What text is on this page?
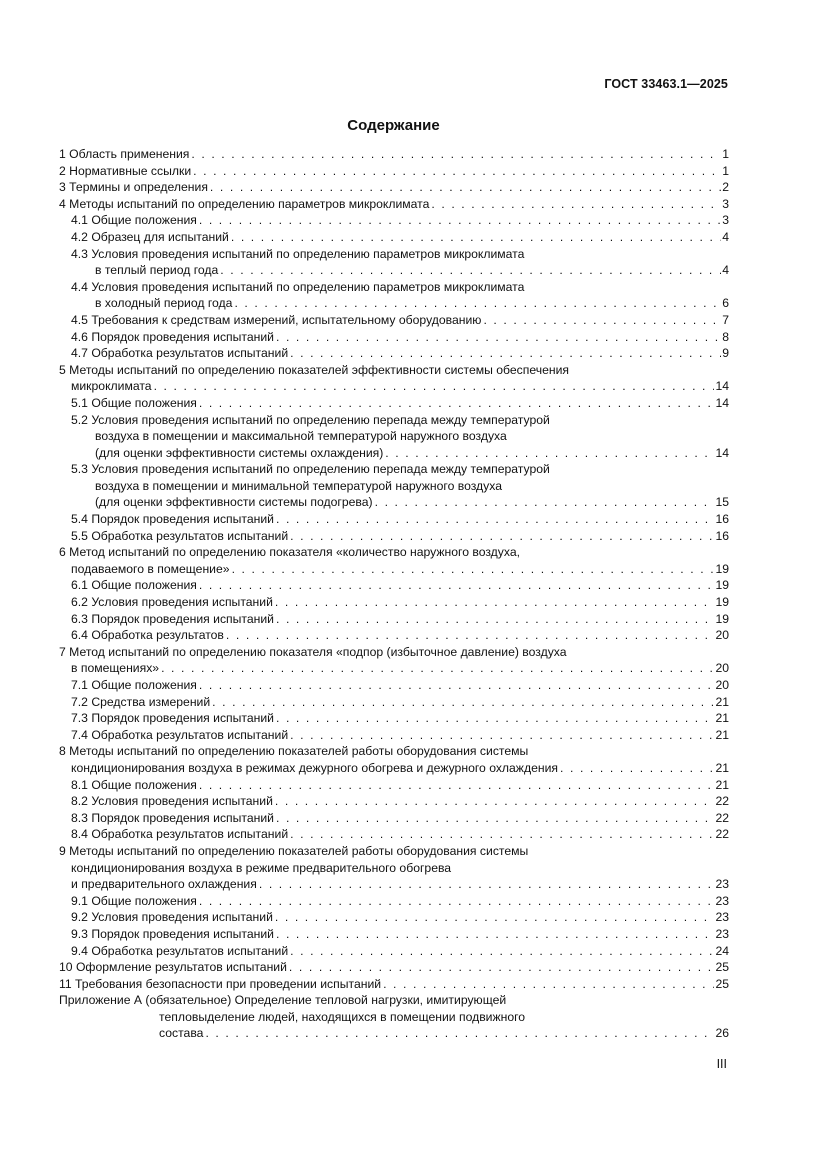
ГОСТ 33463.1—2025
Содержание
1 Область применения . . .	1
2 Нормативные ссылки . . .	1
3 Термины и определения . . .	2
4 Методы испытаний по определению параметров микроклимата . . .	3
4.1 Общие положения . . .	3
4.2 Образец для испытаний . . .	4
4.3 Условия проведения испытаний по определению параметров микроклимата
в теплый период года . . .	4
4.4 Условия проведения испытаний по определению параметров микроклимата
в холодный период года . . .	6
4.5 Требования к средствам измерений, испытательному оборудованию . . .	7
4.6 Порядок проведения испытаний . . .	8
4.7 Обработка результатов испытаний . . .	9
5 Методы испытаний по определению показателей эффективности системы обеспечения
микроклимата . . .	14
5.1 Общие положения . . .	14
5.2 Условия проведения испытаний по определению перепада между температурой
воздуха в помещении и максимальной температурой наружного воздуха
(для оценки эффективности системы охлаждения) . . .	14
5.3 Условия проведения испытаний по определению перепада между температурой
воздуха в помещении и минимальной температурой наружного воздуха
(для оценки эффективности системы подогрева) . . .	15
5.4 Порядок проведения испытаний . . .	16
5.5 Обработка результатов испытаний . . .	16
6 Метод испытаний по определению показателя «количество наружного воздуха,
подаваемого в помещение» . . .	19
6.1 Общие положения . . .	19
6.2 Условия проведения испытаний . . .	19
6.3 Порядок проведения испытаний . . .	19
6.4 Обработка результатов . . .	20
7 Метод испытаний по определению показателя «подпор (избыточное давление) воздуха
в помещениях» . . .	20
7.1 Общие положения . . .	20
7.2 Средства измерений . . .	21
7.3 Порядок проведения испытаний . . .	21
7.4 Обработка результатов испытаний . . .	21
8 Методы испытаний по определению показателей работы оборудования системы
кондиционирования воздуха в режимах дежурного обогрева и дежурного охлаждения . . .	21
8.1 Общие положения . . .	21
8.2 Условия проведения испытаний . . .	22
8.3 Порядок проведения испытаний . . .	22
8.4 Обработка результатов испытаний . . .	22
9 Методы испытаний по определению показателей работы оборудования системы
кондиционирования воздуха в режиме предварительного обогрева
и предварительного охлаждения . . .	23
9.1 Общие положения . . .	23
9.2 Условия проведения испытаний . . .	23
9.3 Порядок проведения испытаний . . .	23
9.4 Обработка результатов испытаний . . .	24
10 Оформление результатов испытаний . . .	25
11 Требования безопасности при проведении испытаний . . .	25
Приложение А (обязательное) Определение тепловой нагрузки, имитирующей
тепловыделение людей, находящихся в помещении подвижного
состава . . .	26
III
